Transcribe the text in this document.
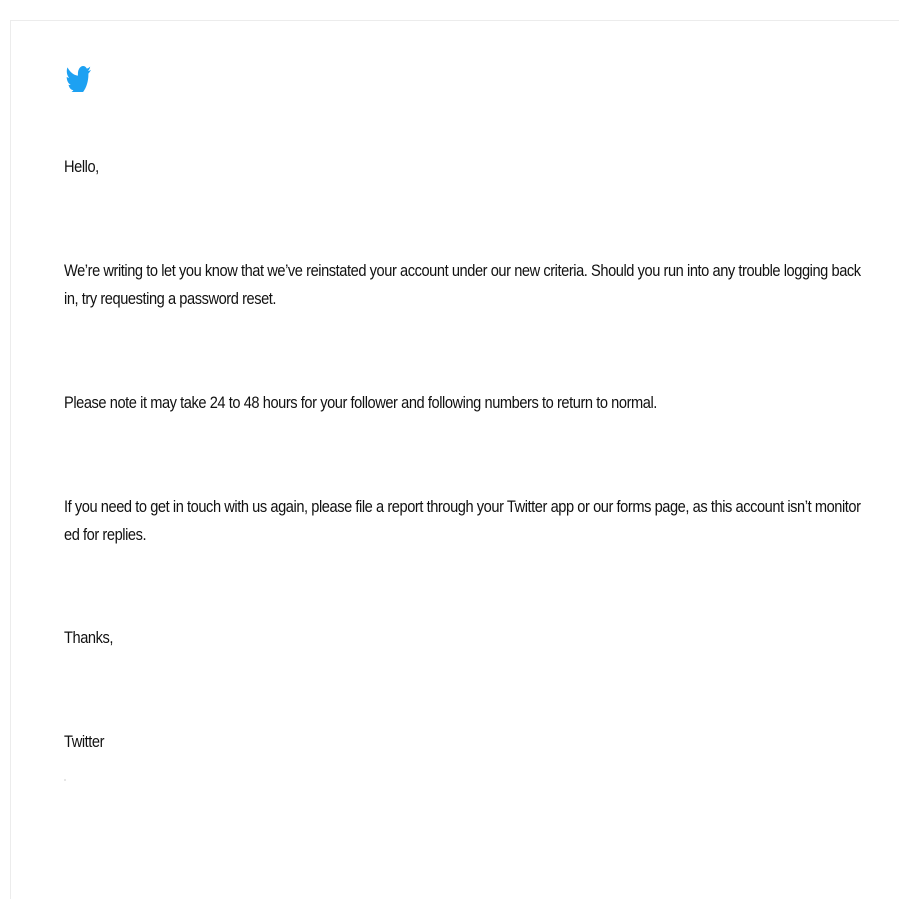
Hello,
We’re writing to let you know that we’ve reinstated your account under our new criteria. Should you run into any trouble logging back in, try requesting a password reset.
Please note it may take 24 to 48 hours for your follower and following numbers to return to normal.
If you need to get in touch with us again, please file a report through your Twitter app or our forms page, as this account isn’t monitored for replies.
Thanks,
Twitter
